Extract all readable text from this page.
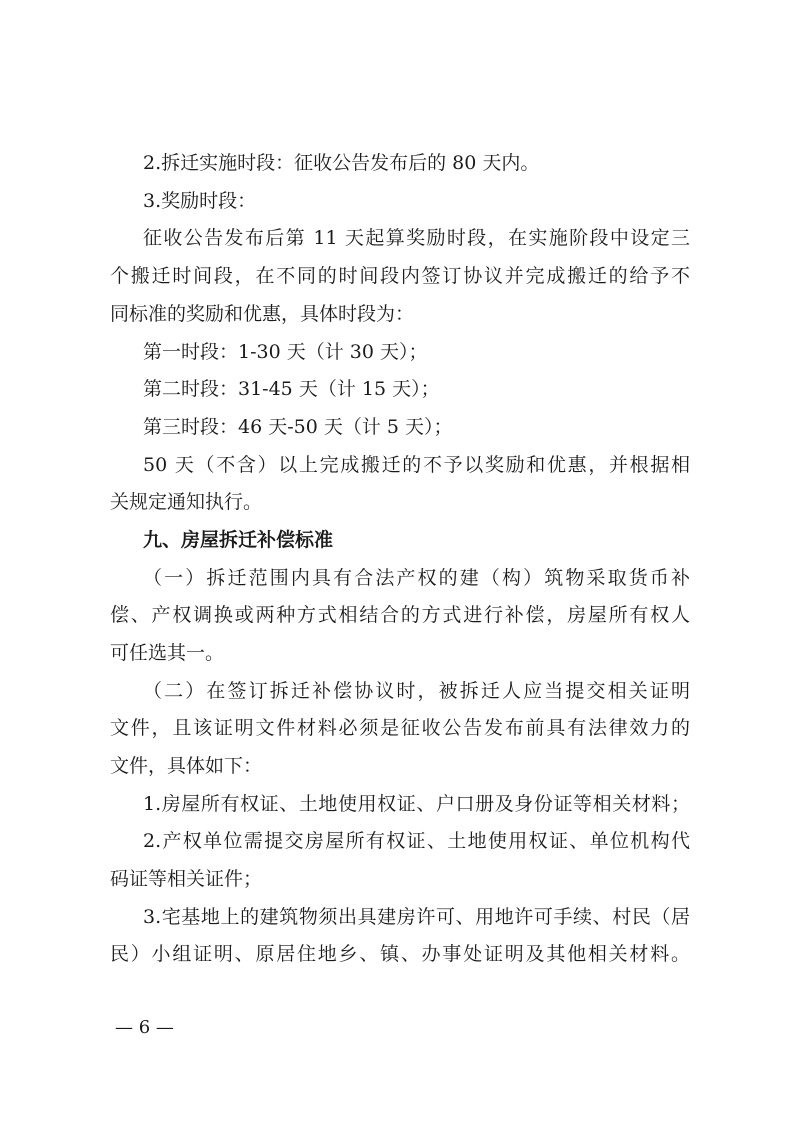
2.拆迁实施时段：征收公告发布后的 80 天内。
3.奖励时段：
征收公告发布后第 11 天起算奖励时段，在实施阶段中设定三
个搬迁时间段，在不同的时间段内签订协议并完成搬迁的给予不
同标准的奖励和优惠，具体时段为：
第一时段：1-30 天（计 30 天）；
第二时段：31-45 天（计 15 天）；
第三时段：46 天-50 天（计 5 天）；
50 天（不含）以上完成搬迁的不予以奖励和优惠，并根据相
关规定通知执行。
九、房屋拆迁补偿标准
（一）拆迁范围内具有合法产权的建（构）筑物采取货币补
偿、产权调换或两种方式相结合的方式进行补偿，房屋所有权人
可任选其一。
（二）在签订拆迁补偿协议时，被拆迁人应当提交相关证明
文件，且该证明文件材料必须是征收公告发布前具有法律效力的
文件，具体如下：
1.房屋所有权证、土地使用权证、户口册及身份证等相关材料；
2.产权单位需提交房屋所有权证、土地使用权证、单位机构代
码证等相关证件；
3.宅基地上的建筑物须出具建房许可、用地许可手续、村民（居
民）小组证明、原居住地乡、镇、办事处证明及其他相关材料。
— 6 —
